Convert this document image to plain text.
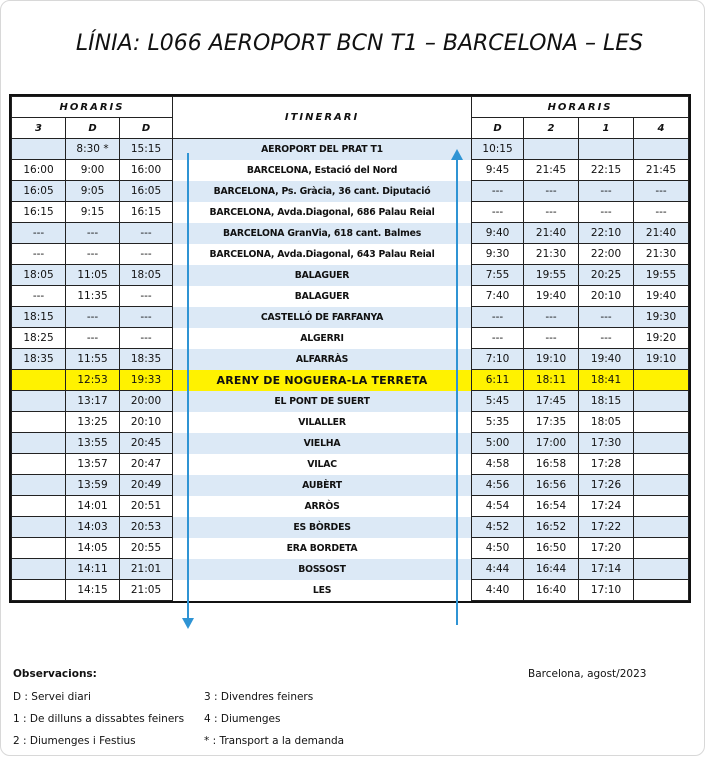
LÍNIA: L066 AEROPORT BCN T1 – BARCELONA – LES
HORARIS			ITINERARI	HORARIS			
3	D	D		D	2	1	4
	8:30 *	15:15	AEROPORT DEL PRAT T1	10:15			
16:00	9:00	16:00	BARCELONA, Estació del Nord	9:45	21:45	22:15	21:45
16:05	9:05	16:05	BARCELONA, Ps. Gràcia, 36 cant. Diputació	---	---	---	---
16:15	9:15	16:15	BARCELONA, Avda.Diagonal, 686 Palau Reial	---	---	---	---
---	---	---	BARCELONA GranVia, 618 cant. Balmes	9:40	21:40	22:10	21:40
---	---	---	BARCELONA, Avda.Diagonal, 643 Palau Reial	9:30	21:30	22:00	21:30
18:05	11:05	18:05	BALAGUER	7:55	19:55	20:25	19:55
---	11:35	---	BALAGUER	7:40	19:40	20:10	19:40
18:15	---	---	CASTELLÓ DE FARFANYA	---	---	---	19:30
18:25	---	---	ALGERRI	---	---	---	19:20
18:35	11:55	18:35	ALFARRÀS	7:10	19:10	19:40	19:10
	12:53	19:33	ARENY DE NOGUERA-LA TERRETA	6:11	18:11	18:41	
	13:17	20:00	EL PONT DE SUERT	5:45	17:45	18:15	
	13:25	20:10	VILALLER	5:35	17:35	18:05	
	13:55	20:45	VIELHA	5:00	17:00	17:30	
	13:57	20:47	VILAC	4:58	16:58	17:28	
	13:59	20:49	AUBÈRT	4:56	16:56	17:26	
	14:01	20:51	ARRÒS	4:54	16:54	17:24	
	14:03	20:53	ES BÒRDES	4:52	16:52	17:22	
	14:05	20:55	ERA BORDETA	4:50	16:50	17:20	
	14:11	21:01	BOSSOST	4:44	16:44	17:14	
	14:15	21:05	LES	4:40	16:40	17:10	
Observacions:
D : Servei diari
1 : De dilluns a dissabtes feiners
2 : Diumenges i Festius
3 : Divendres feiners
4 : Diumenges
* : Transport a la demanda
Barcelona, agost/2023
